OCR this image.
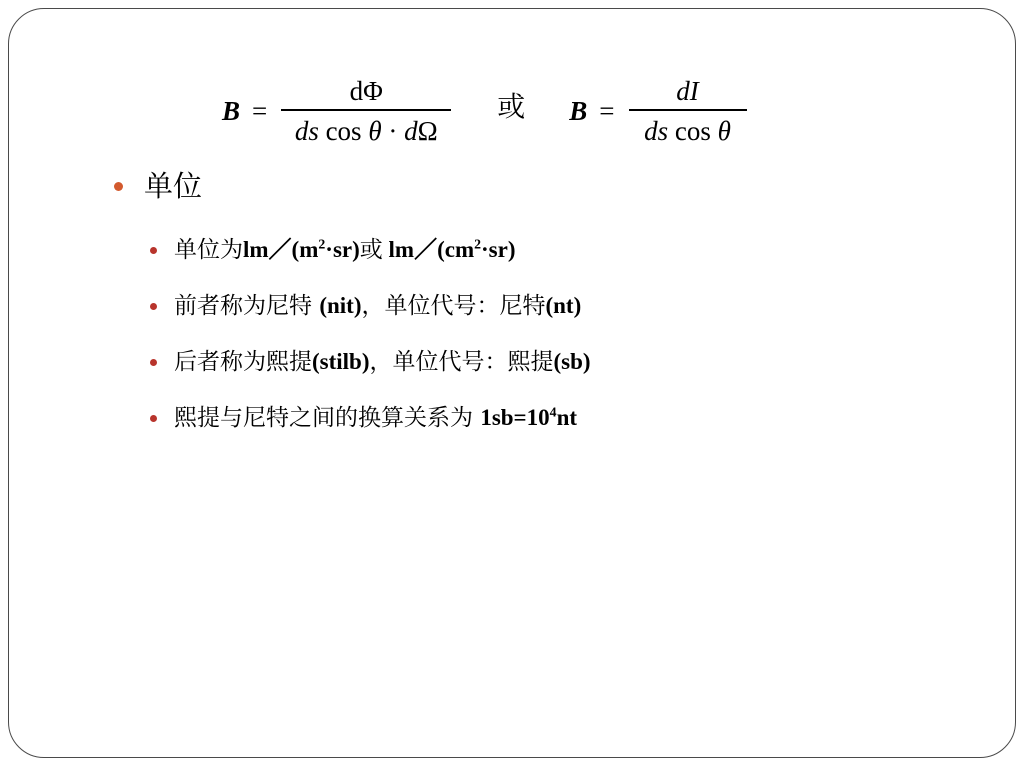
$B = \frac{d\Phi}{\text{ds cos θ · dΩ}}$ 或 $B = \frac{dI}{\text{ds cos θ}}$
单位
单位为$lm/(m^2\cdot sr)$或 $lm/(cm^2\cdot sr)$
前者称为尼特 (nit)，单位代号：尼特(nt)
后者称为熙提(stilb)，单位代号：熙提(sb)
熙提与尼特之间的换算关系为 $1sb=10^4nt$
